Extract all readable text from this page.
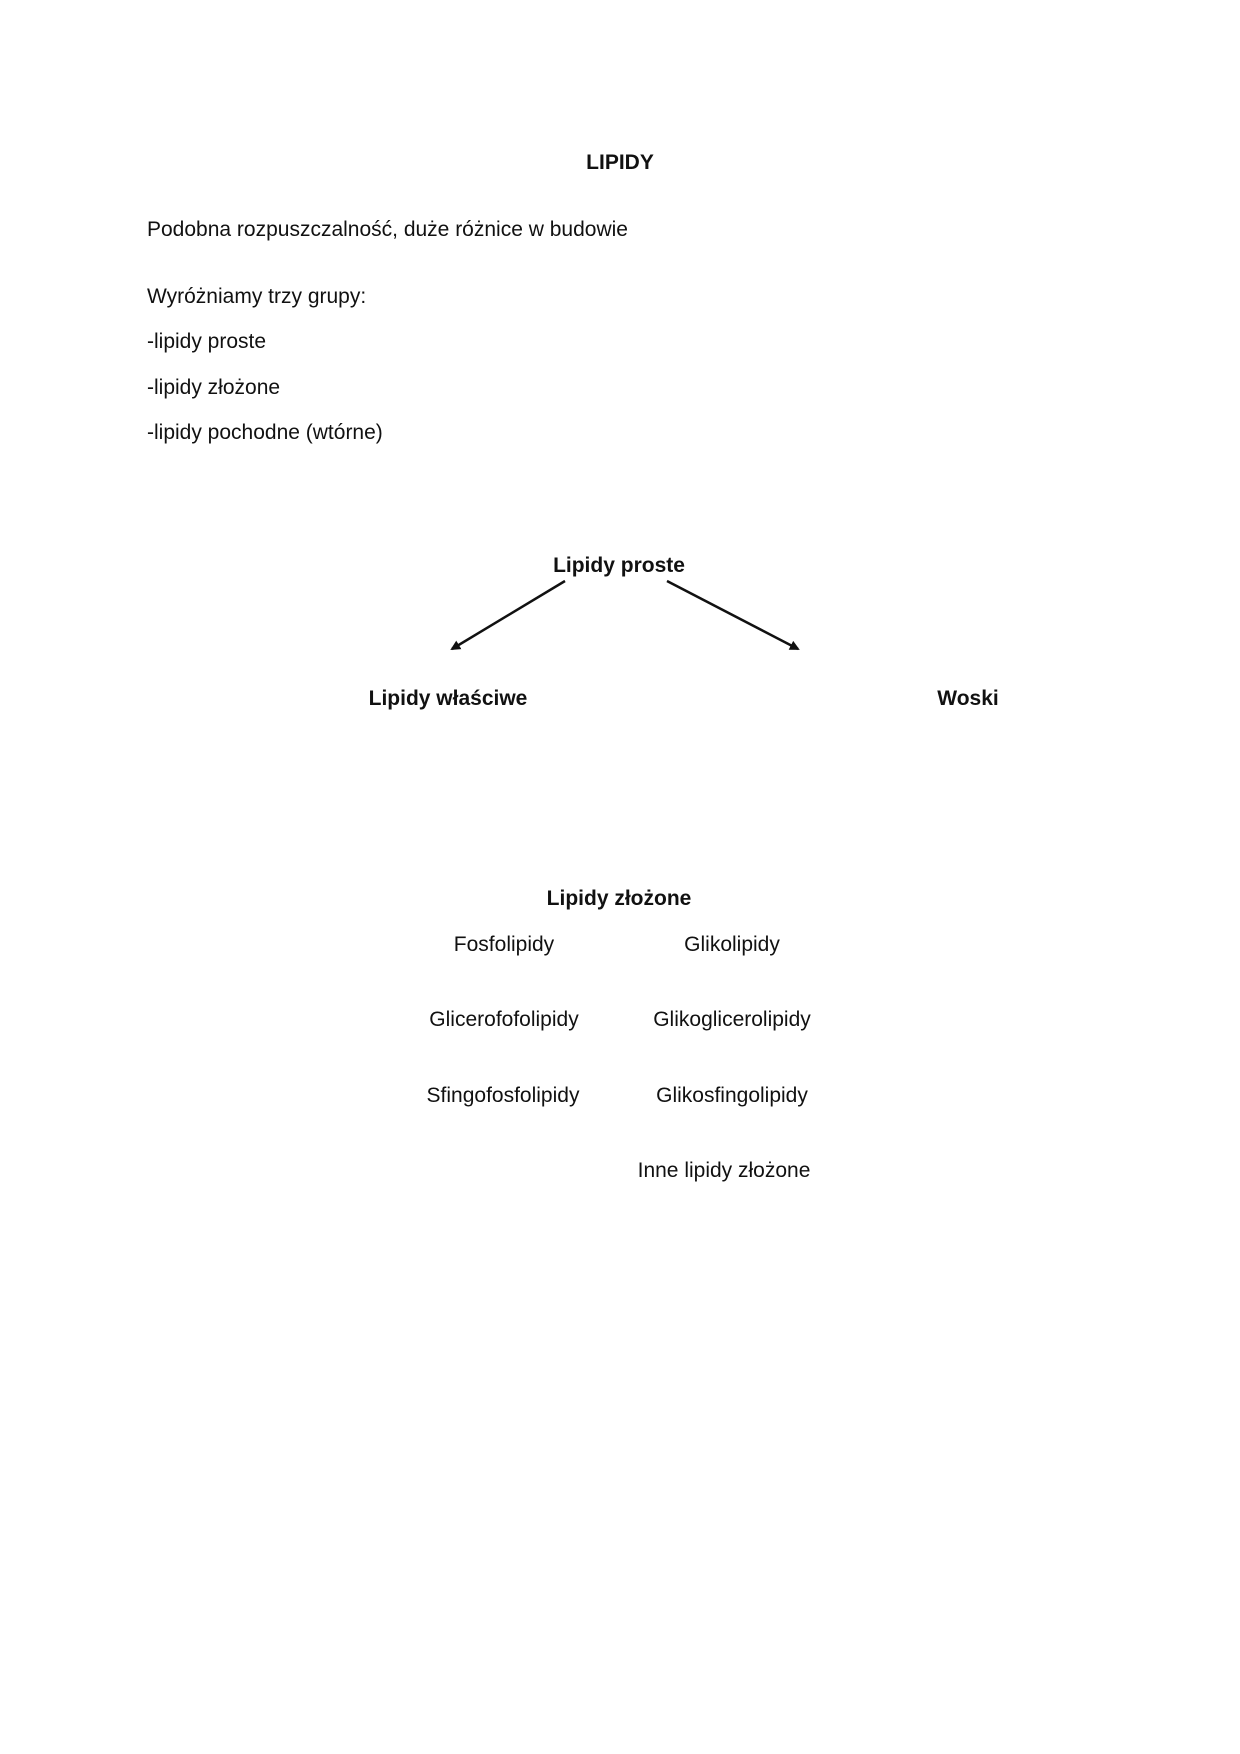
LIPIDY
Podobna rozpuszczalność, duże różnice w budowie
Wyróżniamy trzy grupy:
-lipidy proste
-lipidy złożone
-lipidy pochodne (wtórne)
Lipidy proste
Lipidy właściwe	Woski
Lipidy złożone
Fosfolipidy	Glikolipidy
Glicerofofolipidy	Glikoglicerolipidy
Sfingofosfolipidy	Glikosfingolipidy
Inne lipidy złożone
